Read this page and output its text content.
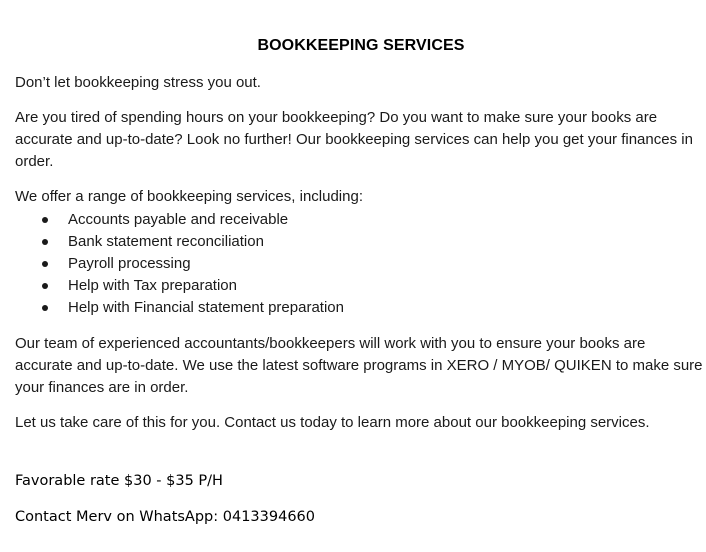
BOOKKEEPING SERVICES

Don’t let bookkeeping stress you out.

Are you tired of spending hours on your bookkeeping? Do you want to make sure your books are accurate and up-to-date? Look no further! Our bookkeeping services can help you get your finances in order.

We offer a range of bookkeeping services, including:

Accounts payable and receivable
Bank statement reconciliation
Payroll processing
Help with Tax preparation
Help with Financial statement preparation

Our team of experienced accountants/bookkeepers will work with you to ensure your books are accurate and up-to-date. We use the latest software programs in XERO / MYOB/ QUIKEN to make sure your finances are in order.

Let us take care of this for you. Contact us today to learn more about our bookkeeping services.

Favorable rate $30 - $35 P/H
Contact Merv on WhatsApp: 0413394660
